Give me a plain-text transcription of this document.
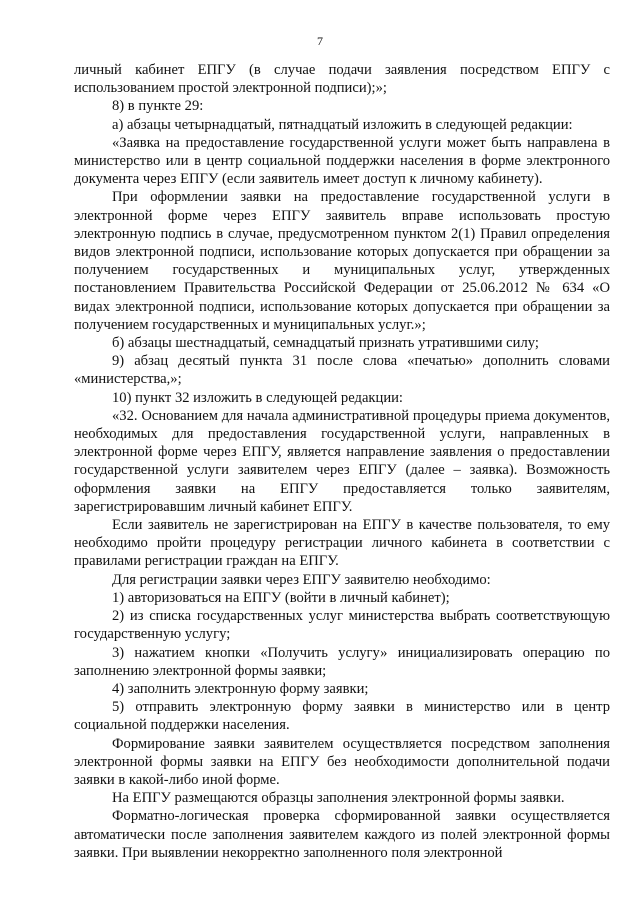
7

личный кабинет ЕПГУ (в случае подачи заявления посредством ЕПГУ с использованием простой электронной подписи);»;

8) в пункте 29:

а) абзацы четырнадцатый, пятнадцатый изложить в следующей редакции:

«Заявка на предоставление государственной услуги может быть направлена в министерство или в центр социальной поддержки населения в форме электронного документа через ЕПГУ (если заявитель имеет доступ к личному кабинету).

При оформлении заявки на предоставление государственной услуги в электронной форме через ЕПГУ заявитель вправе использовать простую электронную подпись в случае, предусмотренном пунктом 2(1) Правил определения видов электронной подписи, использование которых допускается при обращении за получением государственных и муниципальных услуг, утвержденных постановлением Правительства Российской Федерации от 25.06.2012 № 634 «О видах электронной подписи, использование которых допускается при обращении за получением государственных и муниципальных услуг.»;

б) абзацы шестнадцатый, семнадцатый признать утратившими силу;

9) абзац десятый пункта 31 после слова «печатью» дополнить словами «министерства,»;

10) пункт 32 изложить в следующей редакции:

«32. Основанием для начала административной процедуры приема документов, необходимых для предоставления государственной услуги, направленных в электронной форме через ЕПГУ, является направление заявления о предоставлении государственной услуги заявителем через ЕПГУ (далее – заявка). Возможность оформления заявки на ЕПГУ предоставляется только заявителям, зарегистрировавшим личный кабинет ЕПГУ.

Если заявитель не зарегистрирован на ЕПГУ в качестве пользователя, то ему необходимо пройти процедуру регистрации личного кабинета в соответствии с правилами регистрации граждан на ЕПГУ.

Для регистрации заявки через ЕПГУ заявителю необходимо:

1) авторизоваться на ЕПГУ (войти в личный кабинет);

2) из списка государственных услуг министерства выбрать соответствующую государственную услугу;

3) нажатием кнопки «Получить услугу» инициализировать операцию по заполнению электронной формы заявки;

4) заполнить электронную форму заявки;

5) отправить электронную форму заявки в министерство или в центр социальной поддержки населения.

Формирование заявки заявителем осуществляется посредством заполнения электронной формы заявки на ЕПГУ без необходимости дополнительной подачи заявки в какой-либо иной форме.

На ЕПГУ размещаются образцы заполнения электронной формы заявки.

Форматно-логическая проверка сформированной заявки осуществляется автоматически после заполнения заявителем каждого из полей электронной формы заявки. При выявлении некорректно заполненного поля электронной
